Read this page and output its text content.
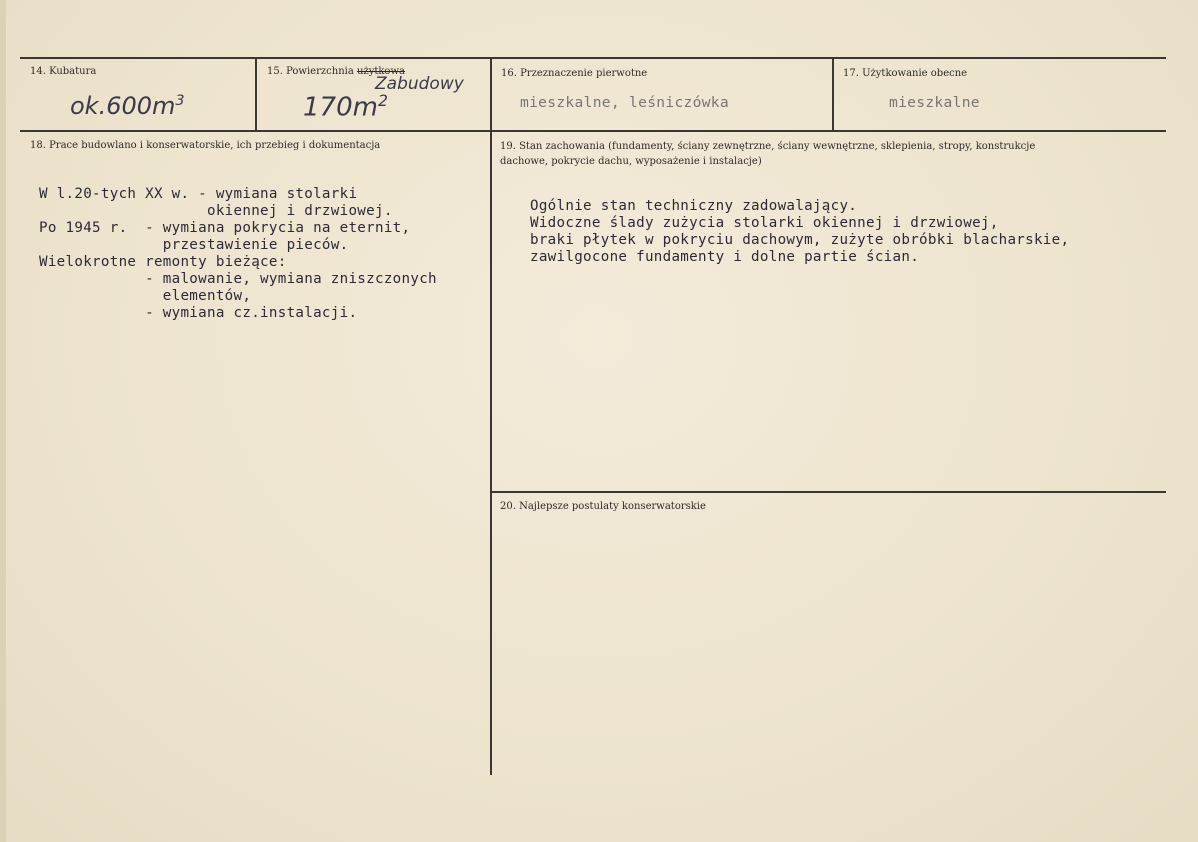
14. Kubatura
$ok.600m^3$
15. Powierzchnia użytkowa
Zabudowy
$170m^2$
16. Przeznaczenie pierwotne
mieszkalne, leśniczówka
17. Użytkowanie obecne
mieszkalne
18. Prace budowlano i konserwatorskie, ich przebieg i dokumentacja

W l.20-tych XX w. - wymiana stolarki
okiennej i drzwiowej.
Po 1945 r.  - wymiana pokrycia na eternit,
przestawienie pieców.
Wielokrotne remonty bieżące:
- malowanie, wymiana zniszczonych
elementów,
- wymiana cz.instalacji.

19. Stan zachowania (fundamenty, ściany zewnętrzne, ściany wewnętrzne, sklepienia, stropy, konstrukcje
dachowe, pokrycie dachu, wyposażenie i instalacje)

Ogólnie stan techniczny zadowalający.
Widoczne ślady zużycia stolarki okiennej i drzwiowej,
braki płytek w pokryciu dachowym, zużyte obróbki blacharskie,
zawilgocone fundamenty i dolne partie ścian.

20. Najlepsze postulaty konserwatorskie
